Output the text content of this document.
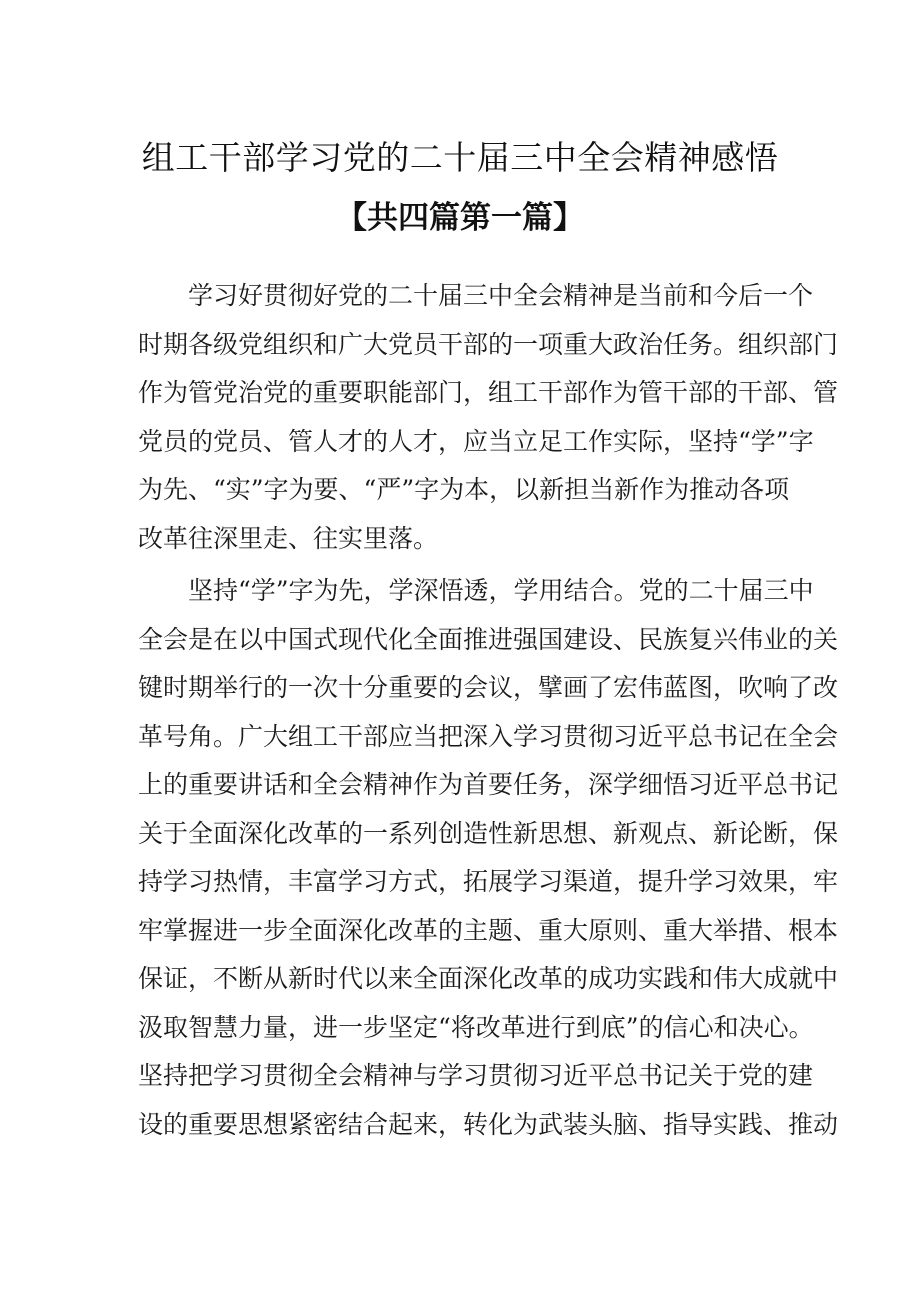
组工干部学习党的二十届三中全会精神感悟
【共四篇第一篇】

学习好贯彻好党的二十届三中全会精神是当前和今后一个
时期各级党组织和广大党员干部的一项重大政治任务。组织部门
作为管党治党的重要职能部门，组工干部作为管干部的干部、管
党员的党员、管人才的人才，应当立足工作实际，坚持“学”字
为先、“实”字为要、“严”字为本，以新担当新作为推动各项
改革往深里走、往实里落。

坚持“学”字为先，学深悟透，学用结合。党的二十届三中
全会是在以中国式现代化全面推进强国建设、民族复兴伟业的关
键时期举行的一次十分重要的会议，擘画了宏伟蓝图，吹响了改
革号角。广大组工干部应当把深入学习贯彻习近平总书记在全会
上的重要讲话和全会精神作为首要任务，深学细悟习近平总书记
关于全面深化改革的一系列创造性新思想、新观点、新论断，保
持学习热情，丰富学习方式，拓展学习渠道，提升学习效果，牢
牢掌握进一步全面深化改革的主题、重大原则、重大举措、根本
保证，不断从新时代以来全面深化改革的成功实践和伟大成就中
汲取智慧力量，进一步坚定“将改革进行到底”的信心和决心。
坚持把学习贯彻全会精神与学习贯彻习近平总书记关于党的建
设的重要思想紧密结合起来，转化为武装头脑、指导实践、推动
